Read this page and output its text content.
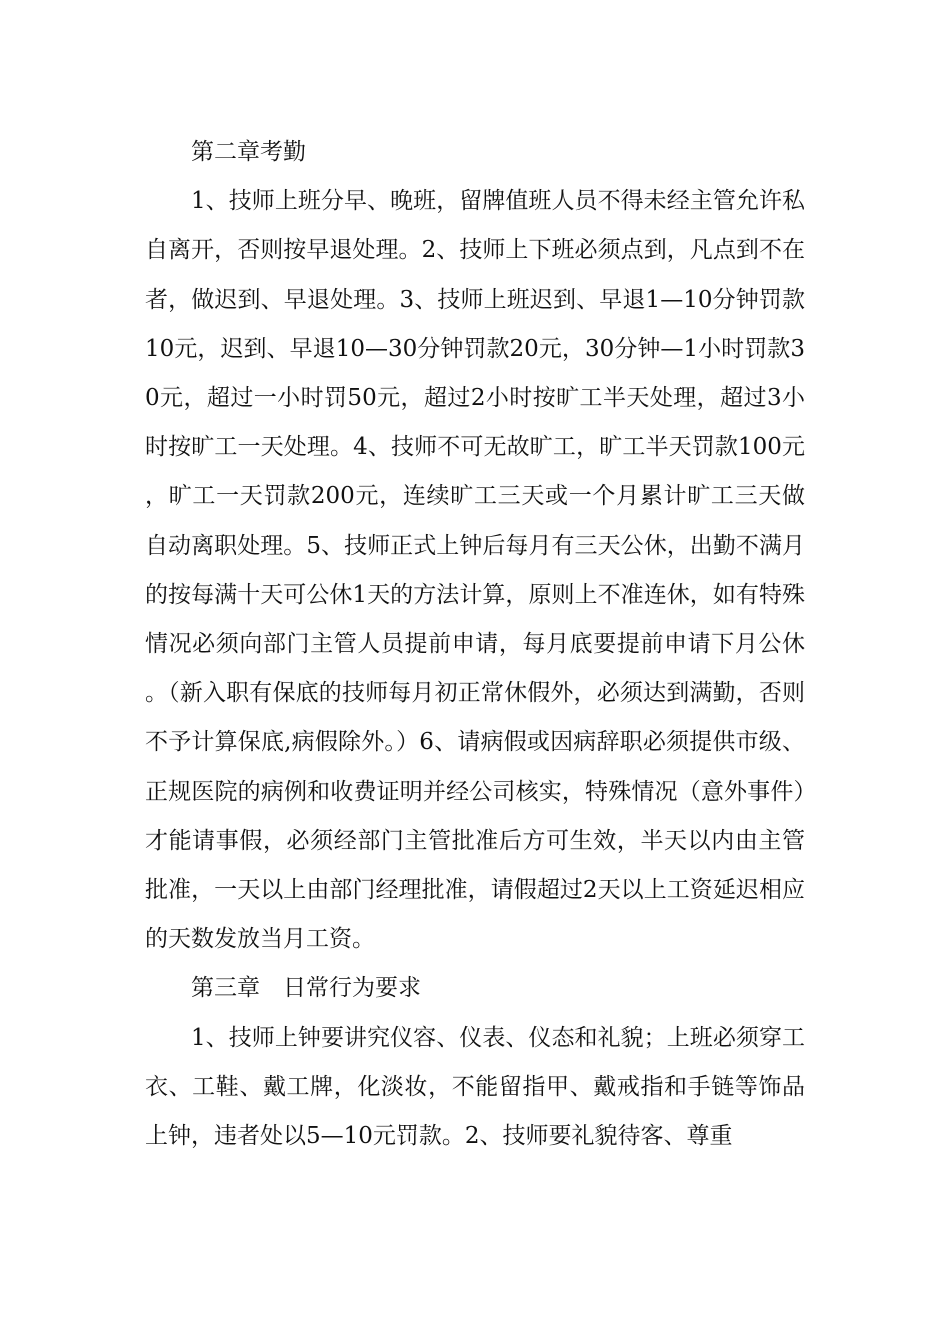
第二章考勤

1、技师上班分早、晚班，留牌值班人员不得未经主管允许私自离开，否则按早退处理。2、技师上下班必须点到，凡点到不在者，做迟到、早退处理。3、技师上班迟到、早退1—10分钟罚款10元，迟到、早退10—30分钟罚款20元，30分钟—1小时罚款30元，超过一小时罚50元，超过2小时按旷工半天处理，超过3小时按旷工一天处理。4、技师不可无故旷工，旷工半天罚款100元，旷工一天罚款200元，连续旷工三天或一个月累计旷工三天做自动离职处理。5、技师正式上钟后每月有三天公休，出勤不满月的按每满十天可公休1天的方法计算，原则上不准连休，如有特殊情况必须向部门主管人员提前申请，每月底要提前申请下月公休。（新入职有保底的技师每月初正常休假外，必须达到满勤，否则不予计算保底,病假除外。）6、请病假或因病辞职必须提供市级、正规医院的病例和收费证明并经公司核实，特殊情况（意外事件）才能请事假，必须经部门主管批准后方可生效，半天以内由主管批准，一天以上由部门经理批准，请假超过2天以上工资延迟相应的天数发放当月工资。

第三章　日常行为要求

1、技师上钟要讲究仪容、仪表、仪态和礼貌；上班必须穿工衣、工鞋、戴工牌，化淡妆，不能留指甲、戴戒指和手链等饰品上钟，违者处以5—10元罚款。2、技师要礼貌待客、尊重
